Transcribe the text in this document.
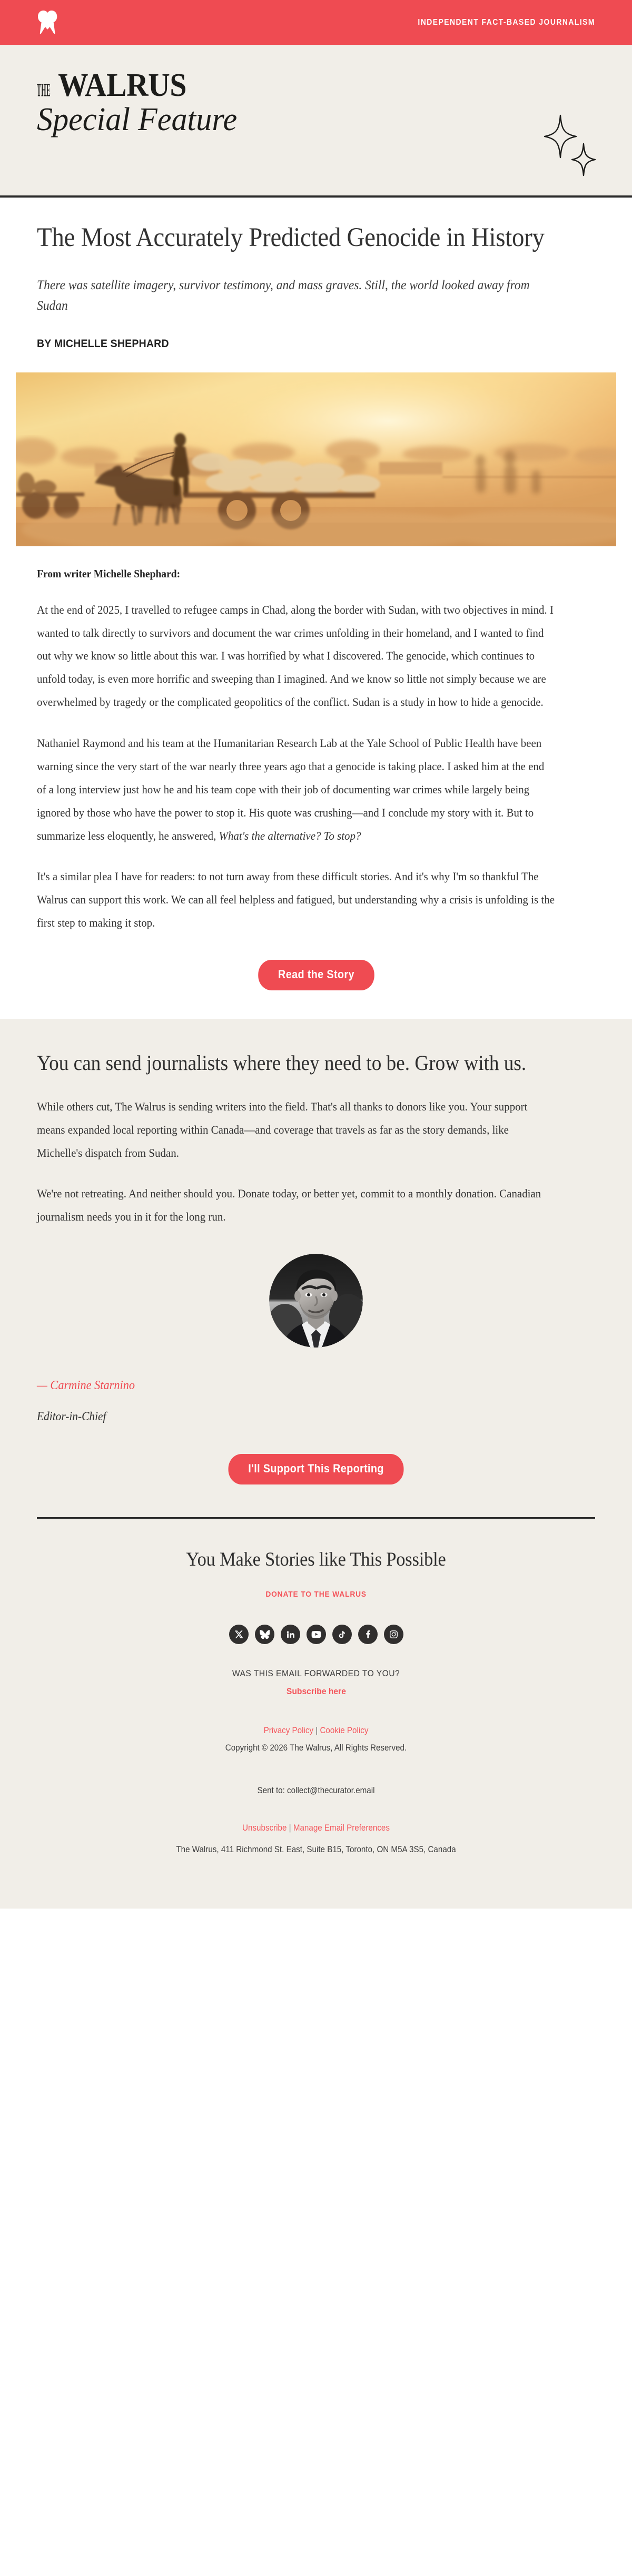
INDEPENDENT FACT-BASED JOURNALISM
THE WALRUS
Special Feature
The Most Accurately Predicted Genocide in History

There was satellite imagery, survivor testimony, and mass graves. Still, the world looked away from Sudan

BY MICHELLE SHEPHARD
From writer Michelle Shephard:

At the end of 2025, I travelled to refugee camps in Chad, along the border with Sudan, with two objectives in mind. I wanted to talk directly to survivors and document the war crimes unfolding in their homeland, and I wanted to find out why we know so little about this war. I was horrified by what I discovered. The genocide, which continues to unfold today, is even more horrific and sweeping than I imagined. And we know so little not simply because we are overwhelmed by tragedy or the complicated geopolitics of the conflict. Sudan is a study in how to hide a genocide.

Nathaniel Raymond and his team at the Humanitarian Research Lab at the Yale School of Public Health have been warning since the very start of the war nearly three years ago that a genocide is taking place. I asked him at the end of a long interview just how he and his team cope with their job of documenting war crimes while largely being ignored by those who have the power to stop it. His quote was crushing—and I conclude my story with it. But to summarize less eloquently, he answered, What's the alternative? To stop?

It's a similar plea I have for readers: to not turn away from these difficult stories. And it's why I'm so thankful The Walrus can support this work. We can all feel helpless and fatigued, but understanding why a crisis is unfolding is the first step to making it stop.

Read the Story
You can send journalists where they need to be. Grow with us.

While others cut, The Walrus is sending writers into the field. That's all thanks to donors like you. Your support means expanded local reporting within Canada—and coverage that travels as far as the story demands, like Michelle's dispatch from Sudan.

We're not retreating. And neither should you. Donate today, or better yet, commit to a monthly donation. Canadian journalism needs you in it for the long run.

— Carmine Starnino
Editor-in-Chief
I'll Support This Reporting
You Make Stories like This Possible
DONATE TO THE WALRUS
WAS THIS EMAIL FORWARDED TO YOU?
Subscribe here
Privacy Policy | Cookie Policy
Copyright © 2026 The Walrus, All Rights Reserved.
Sent to: collect@thecurator.email
Unsubscribe | Manage Email Preferences
The Walrus, 411 Richmond St. East, Suite B15, Toronto, ON M5A 3S5, Canada
